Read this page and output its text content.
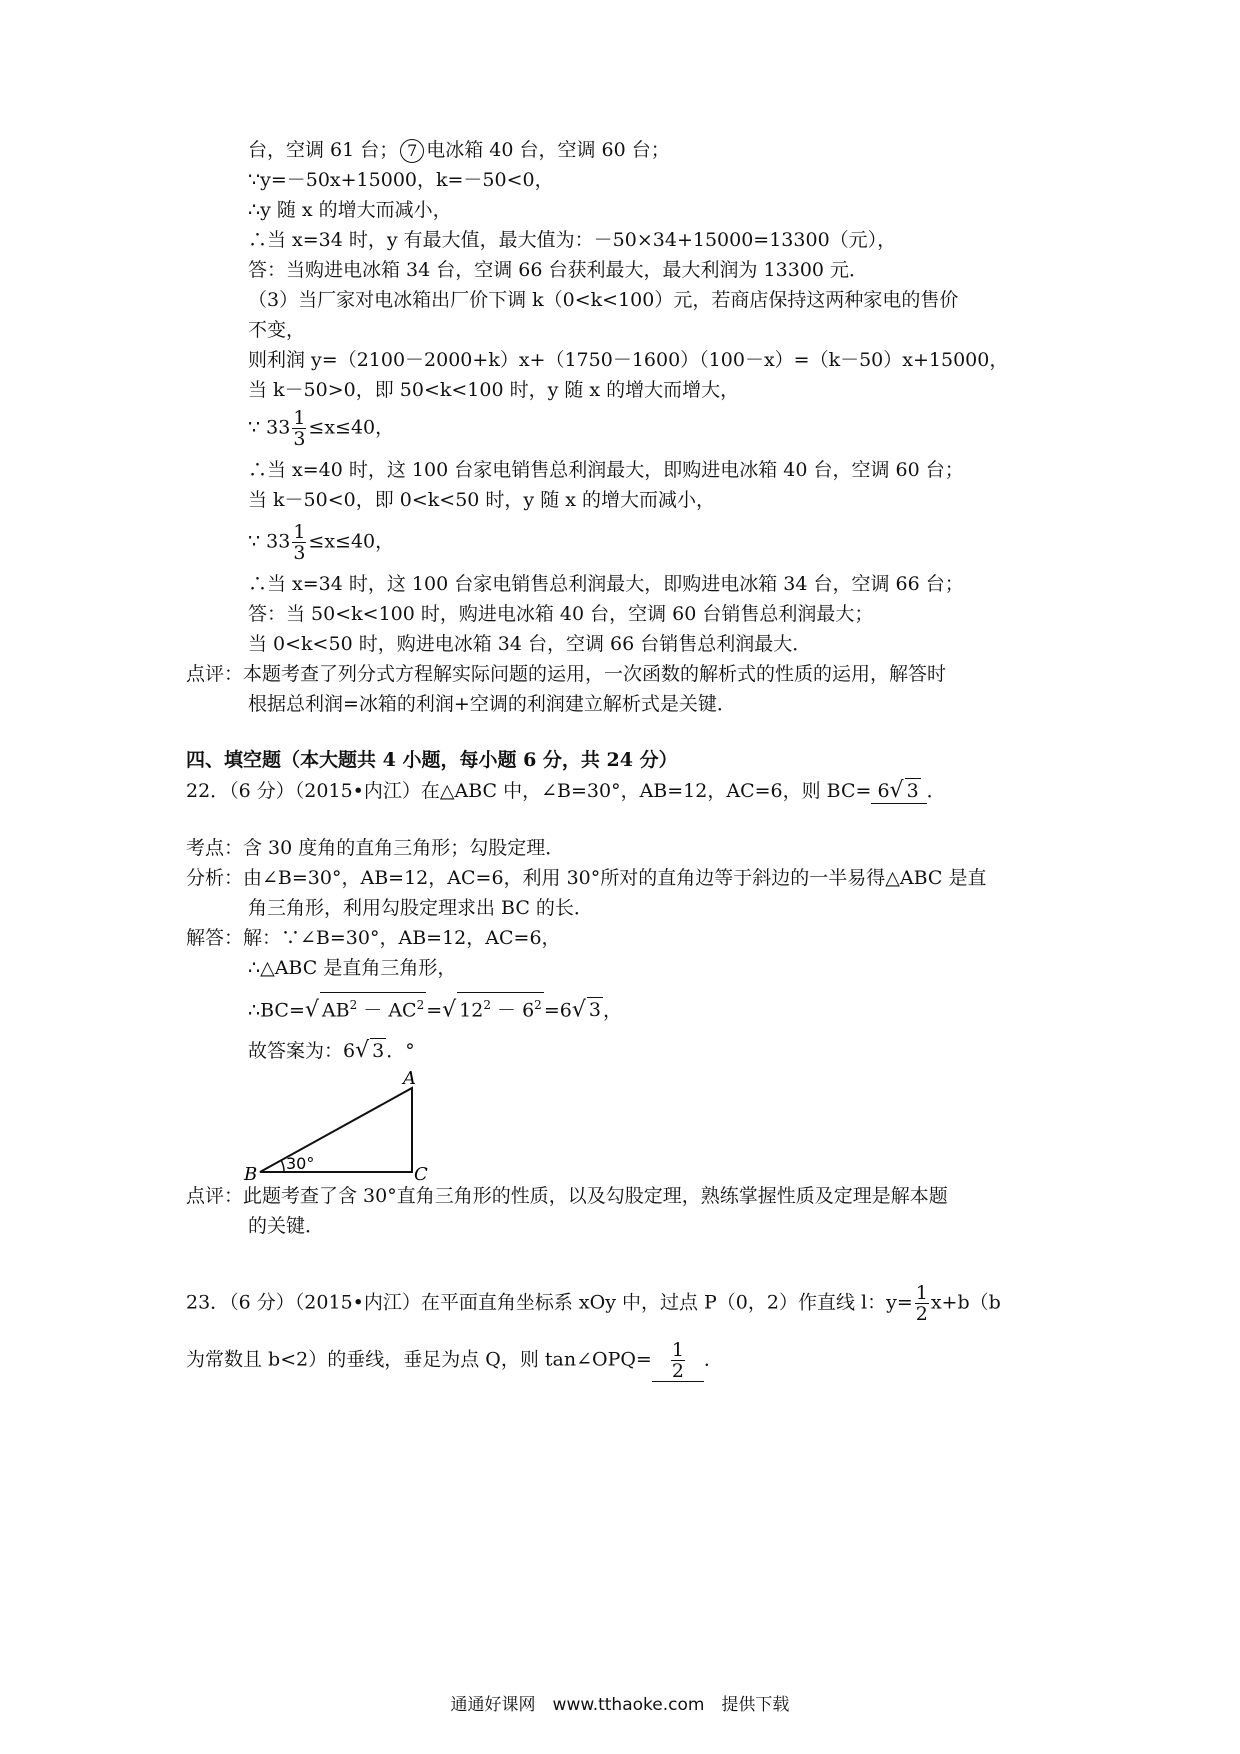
台，空调 61 台； 7 电冰箱 40 台，空调 60 台；
∵y=－50x+15000，k=－50<0，
∴y 随 x 的增大而减小，
∴当 x=34 时，y 有最大值，最大值为：－50×34+15000=13300（元），
答：当购进电冰箱 34 台，空调 66 台获利最大，最大利润为 13300 元．
（3）当厂家对电冰箱出厂价下调 k（0<k<100）元，若商店保持这两种家电的售价
不变，
则利润 y=（2100－2000+k）x+（1750－1600）（100－x）=（k－50）x+15000，
当 k－50>0，即 50<k<100 时，y 随 x 的增大而增大，
∵ $33 \frac{1}{3} \le x\le 40$，
∴当 x=40 时，这 100 台家电销售总利润最大，即购进电冰箱 40 台，空调 60 台；
当 k－50<0，即 0<k<50 时，y 随 x 的增大而减小，
∵ $33 \frac{1}{3} \le x\le 40$，
∴当 x=34 时，这 100 台家电销售总利润最大，即购进电冰箱 34 台，空调 66 台；
答：当 50<k<100 时，购进电冰箱 40 台，空调 60 台销售总利润最大；
当 0<k<50 时，购进电冰箱 34 台，空调 66 台销售总利润最大．
点评：本题考查了列分式方程解实际问题的运用，一次函数的解析式的性质的运用，解答时
根据总利润=冰箱的利润+空调的利润建立解析式是关键．
四、填空题（本大题共 4 小题，每小题 6 分，共 24 分）
22．（6 分）（2015•内江）在△ABC 中，∠B=30°，AB=12，AC=6，则 BC= 6√ 3 ．
考点：含 30 度角的直角三角形；勾股定理．
分析：由∠B=30°，AB=12，AC=6，利用 30°所对的直角边等于斜边的一半易得△ABC 是直
角三角形，利用勾股定理求出 BC 的长．
解答：解：∵∠B=30°，AB=12，AC=6，
∴△ABC 是直角三角形，
∴BC=√ $AB^2 - AC^2$ =√ $12^2 - 6^2 =6√$ 3 ，
故答案为：6√ 3 ．°
A
B	C
30°
点评：此题考查了含 30°直角三角形的性质，以及勾股定理，熟练掌握性质及定理是解本题
的关键．
23．（6 分）（2015•内江）在平面直角坐标系 xOy 中，过点 P（0，2）作直线 l：$y= \frac{1}{2} x+b(b$
为常数且 b<2）的垂线，垂足为点 Q，则 tan∠OPQ= $\frac{1}{2}$ ．
通通好课网　www.tthaoke.com　提供下载
